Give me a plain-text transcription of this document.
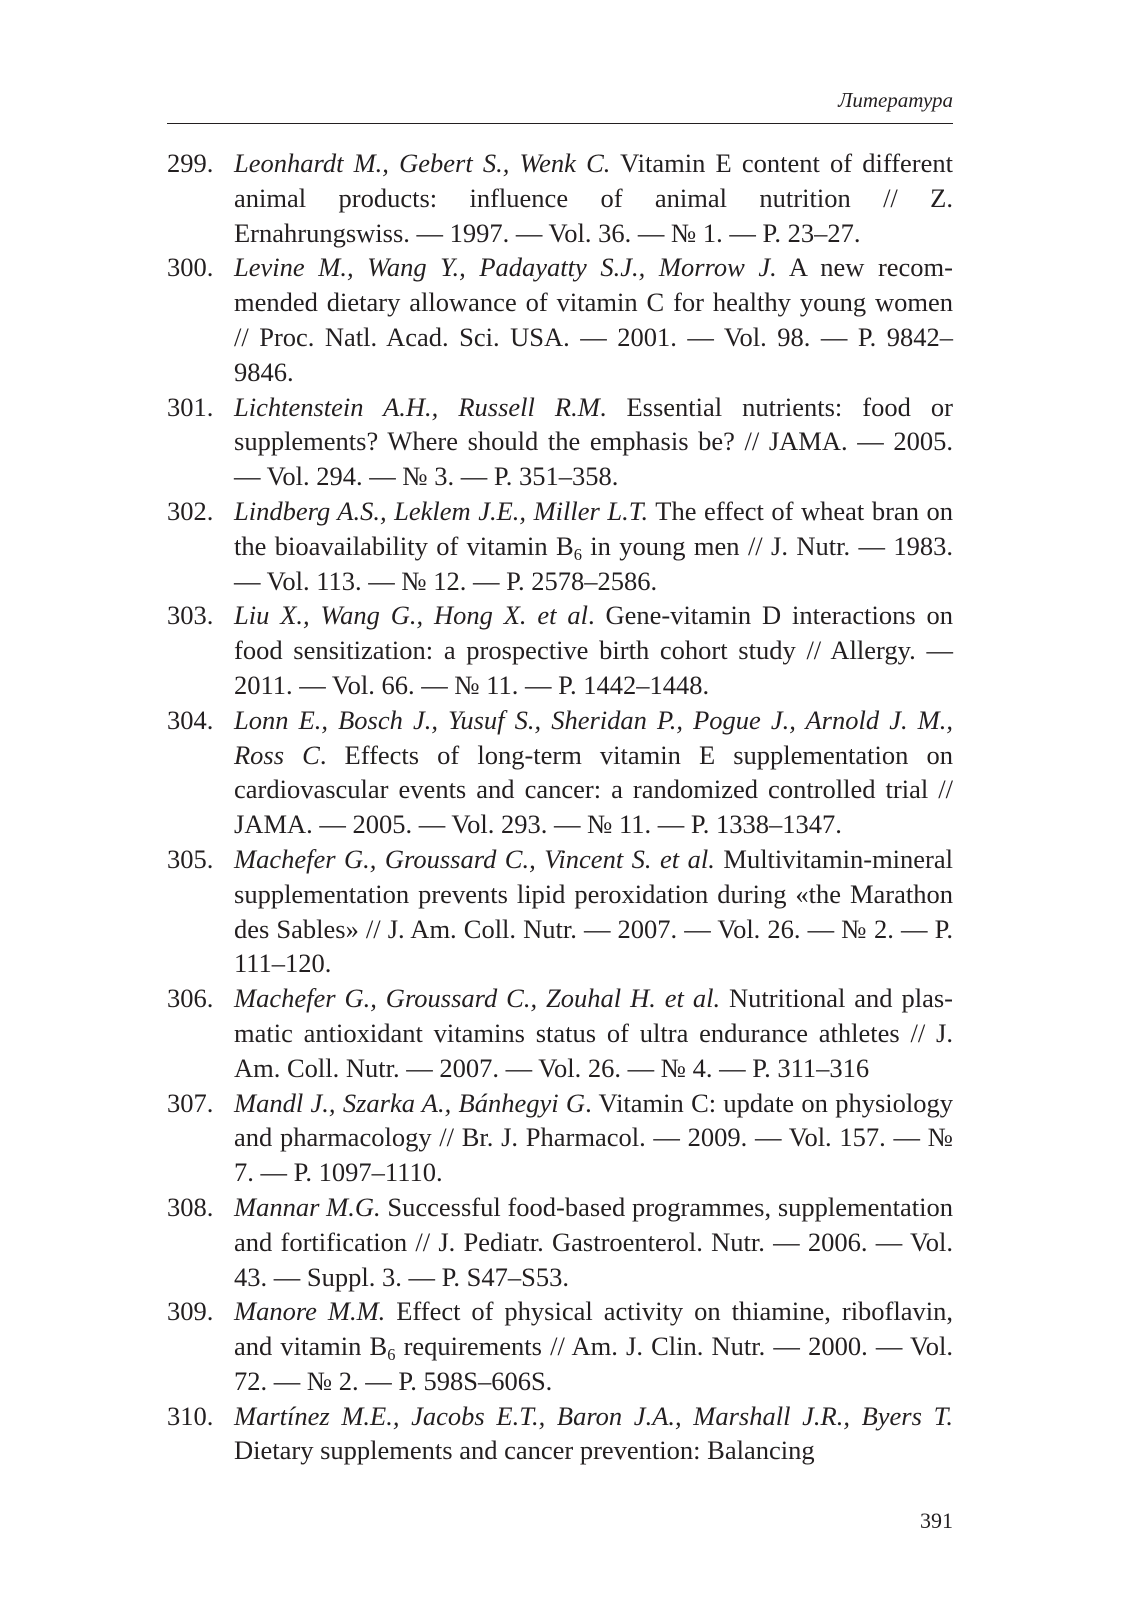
Литература
299. Leonhardt M., Gebert S., Wenk C. Vitamin E content of different animal products: influence of animal nutrition // Z. Ernahrungswiss. — 1997. — Vol. 36. — № 1. — P. 23–27.
300. Levine M., Wang Y., Padayatty S.J., Morrow J. A new recommended dietary allowance of vitamin C for healthy young women // Proc. Natl. Acad. Sci. USA. — 2001. — Vol. 98. — P. 9842–9846.
301. Lichtenstein A.H., Russell R.M. Essential nutrients: food or supplements? Where should the emphasis be? // JAMA. — 2005. — Vol. 294. — № 3. — P. 351–358.
302. Lindberg A.S., Leklem J.E., Miller L.T. The effect of wheat bran on the bioavailability of vitamin $B_6$ in young men // J. Nutr. — 1983. — Vol. 113. — № 12. — P. 2578–2586.
303. Liu X., Wang G., Hong X. et al. Gene-vitamin D interactions on food sensitization: a prospective birth cohort study // Allergy. — 2011. — Vol. 66. — № 11. — P. 1442–1448.
304. Lonn E., Bosch J., Yusuf S., Sheridan P., Pogue J., Arnold J. M., Ross C. Effects of long-term vitamin E supplementation on cardiovascular events and cancer: a randomized controlled trial // JAMA. — 2005. — Vol. 293. — № 11. — P. 1338–1347.
305. Machefer G., Groussard C., Vincent S. et al. Multivitamin-mineral supplementation prevents lipid peroxidation during «the Marathon des Sables» // J. Am. Coll. Nutr. — 2007. — Vol. 26. — № 2. — P. 111–120.
306. Machefer G., Groussard C., Zouhal H. et al. Nutritional and plasmatic antioxidant vitamins status of ultra endurance athletes // J. Am. Coll. Nutr. — 2007. — Vol. 26. — № 4. — P. 311–316
307. Mandl J., Szarka A., Bánhegyi G. Vitamin C: update on physiology and pharmacology // Br. J. Pharmacol. — 2009. — Vol. 157. — № 7. — P. 1097–1110.
308. Mannar M.G. Successful food-based programmes, supplementation and fortification // J. Pediatr. Gastroenterol. Nutr. — 2006. — Vol. 43. — Suppl. 3. — P. S47–S53.
309. Manore M.M. Effect of physical activity on thiamine, riboflavin, and vitamin $B_6$ requirements // Am. J. Clin. Nutr. — 2000. — Vol. 72. — № 2. — P. 598S–606S.
310. Martínez M.E., Jacobs E.T., Baron J.A., Marshall J.R., Byers T. Dietary supplements and cancer prevention: Balancing
391
